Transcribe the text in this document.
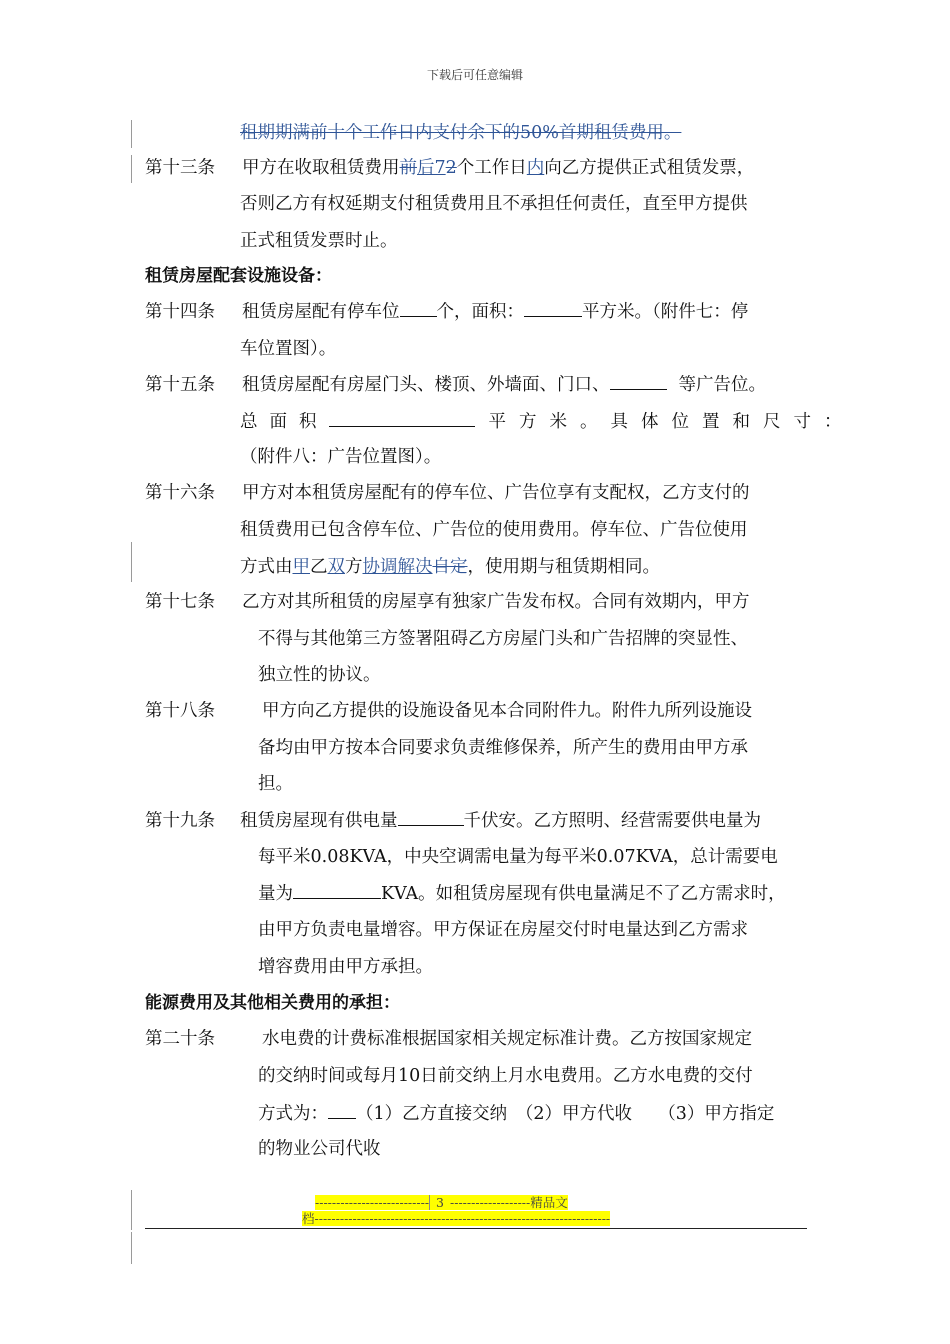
下载后可任意编辑
租期期满前十个工作日内支付余下的50%首期租赁费用。
第十三条 甲方在收取租赁费用前后72个工作日内向乙方提供正式租赁发票，
否则乙方有权延期支付租赁费用且不承担任何责任，直至甲方提供
正式租赁发票时止。
租赁房屋配套设施设备：
第十四条 租赁房屋配有停车位 个，面积：	平方米。（附件七：停
车位置图）。
第十五条 租赁房屋配有房屋门头、楼顶、外墙面、门口、	等广告位。
总面积	平方米。具体位置和尺寸：
（附件八：广告位置图）。
第十六条 甲方对本租赁房屋配有的停车位、广告位享有支配权，乙方支付的
租赁费用已包含停车位、广告位的使用费用。停车位、广告位使用
方式由甲乙双方协调解决自定，使用期与租赁期相同。
第十七条 乙方对其所租赁的房屋享有独家广告发布权。合同有效期内，甲方
不得与其他第三方签署阻碍乙方房屋门头和广告招牌的突显性、
独立性的协议。
第十八条	甲方向乙方提供的设施设备见本合同附件九。附件九所列设施设
备均由甲方按本合同要求负责维修保养，所产生的费用由甲方承
担。
第十九条 租赁房屋现有供电量	千伏安。乙方照明、经营需要供电量为
每平米0.08KVA，中央空调需电量为每平米0.07KVA，总计需要电
量为	KVA。如租赁房屋现有供电量满足不了乙方需求时，
由甲方负责电量增容。甲方保证在房屋交付时电量达到乙方需求
增容费用由甲方承担。
能源费用及其他相关费用的承担：
第二十条	水电费的计费标准根据国家相关规定标准计费。乙方按国家规定
的交纳时间或每月10日前交纳上月水电费用。乙方水电费的交付
方式为： （1）乙方直接交纳　（2）甲方代收　　（3）甲方指定
的物业公司代收
--------------------------- 3 -------------------精品文
档----------------------------------------------------------------------
